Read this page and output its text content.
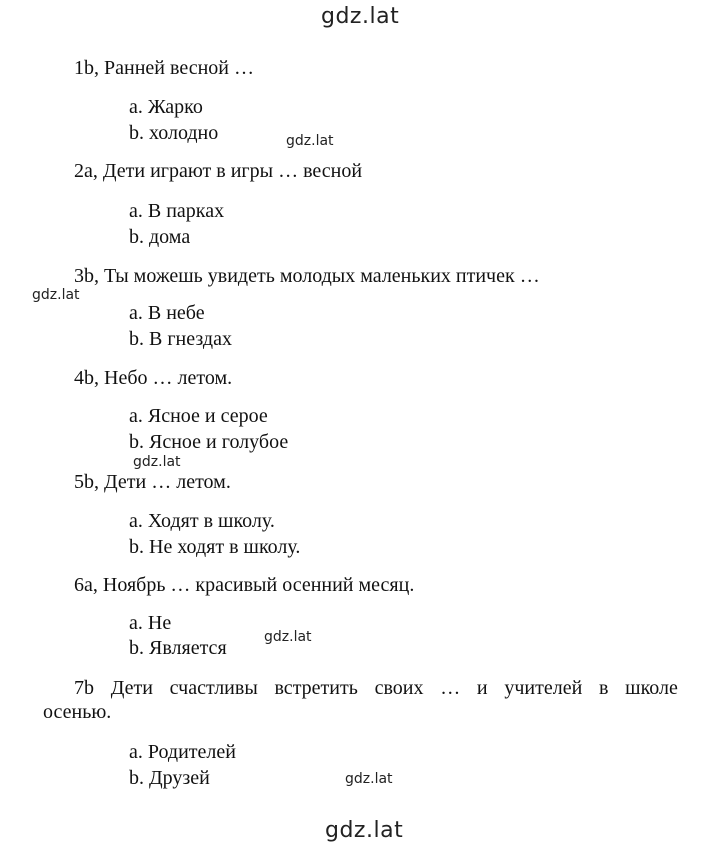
gdz.lat
gdz.lat
gdz.lat
gdz.lat
gdz.lat
gdz.lat
gdz.lat
1b, Ранней весной …
a. Жарко
b. холодно
2a, Дети играют в игры … весной
a. В парках
b. дома
3b, Ты можешь увидеть молодых маленьких птичек …
a. В небе
b. В гнездах
4b, Небо … летом.
a. Ясное и серое
b. Ясное и голубое
5b, Дети … летом.
a. Ходят в школу.
b. Не ходят в школу.
6a, Ноябрь … красивый осенний месяц.
a. Не
b. Является
7b Дети счастливы встретить своих … и учителей в школе
осенью.
a. Родителей
b. Друзей
